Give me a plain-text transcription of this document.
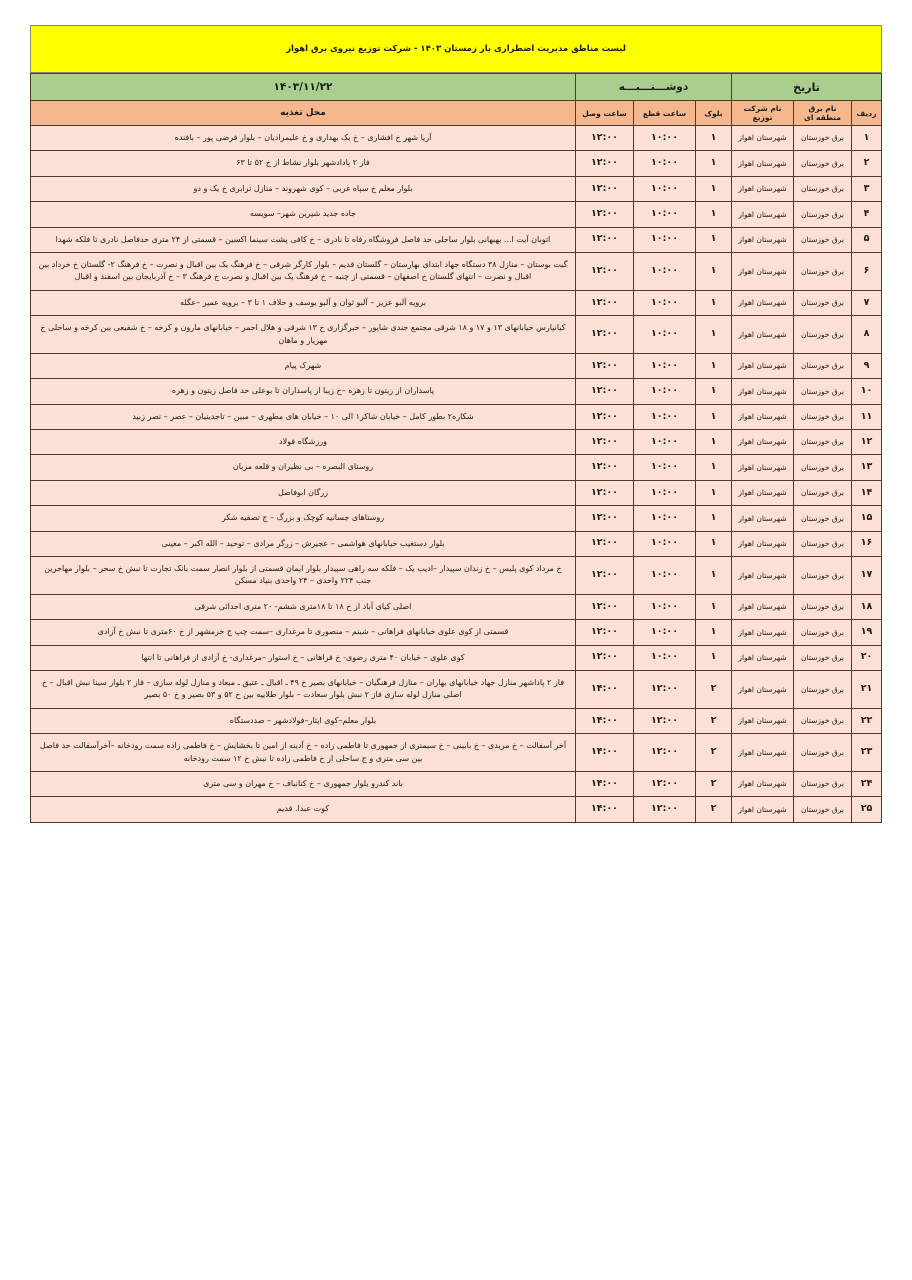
لیست مناطق مدیریت اضطراری بار زمستان ۱۴۰۳ - شرکت توزیع نیروی برق اهواز
تاریخ			دوشـــنـــبـــه			۱۴۰۳/۱۱/۲۲
ردیف	نام برق منطقه ای	نام شرکت توزیع	بلوک	ساعت قطع	ساعت وصل	محل تغذیه
۱	برق خوزستان	شهرستان اهواز	۱	۱۰:۰۰	۱۲:۰۰	آریا شهر خ افشاری – خ یک بهداری و خ علیمرادیان – بلوار فرضی پور – بافنده
۲	برق خوزستان	شهرستان اهواز	۱	۱۰:۰۰	۱۲:۰۰	فاز ۲ پادادشهر بلوار نشاط از خ ۵۲ تا ۶۳
۳	برق خوزستان	شهرستان اهواز	۱	۱۰:۰۰	۱۲:۰۰	بلوار معلم خ سپاه غربی – کوی شهروند – منازل ترابری خ یک و دو
۴	برق خوزستان	شهرستان اهواز	۱	۱۰:۰۰	۱۲:۰۰	جاده جدید شیرین شهر– سویسه
۵	برق خوزستان	شهرستان اهواز	۱	۱۰:۰۰	۱۲:۰۰	اتوبان آیت ا... بهبهانی بلوار ساحلی حد فاصل فروشگاه رفاه تا نادری – خ کافی پشت سینما اکسین – قسمتی از ۲۴ متری حدفاصل نادری تا فلکه شهدا
۶	برق خوزستان	شهرستان اهواز	۱	۱۰:۰۰	۱۲:۰۰	گیت بوستان – منازل ۳۸ دستگاه جهاد ابتدای بهارستان – گلستان قدیم – بلوار کارگر شرقی – خ فرهنگ یک بین اقبال و نصرت – خ فرهنگ ۲- گلستان خ خرداد بین اقبال و نصرت – انتهای گلستان خ اصفهان – قسمتی از چنبه – خ فرهنگ یک بین اقبال و نصرت خ فرهنگ ۳ – خ آذربایجان بین اسفند و اقبال
۷	برق خوزستان	شهرستان اهواز	۱	۱۰:۰۰	۱۲:۰۰	برویه آلبو عزیز – آلبو ثوان و آلبو یوسف و حلاف ۱ تا ۳ – برویه عمیر –عگله
۸	برق خوزستان	شهرستان اهواز	۱	۱۰:۰۰	۱۲:۰۰	کیانپارس خیابانهای ۱۳ و ۱۷ و ۱۸ شرقی مجتمع جندی شاپور – خبرگزاری خ ۱۳ شرقی و هلال احمر – خیابانهای مارون و کرخه – خ شفیعی بین کرخه و ساحلی خ مهزیار و ماهان
۹	برق خوزستان	شهرستان اهواز	۱	۱۰:۰۰	۱۲:۰۰	شهرک پیام
۱۰	برق خوزستان	شهرستان اهواز	۱	۱۰:۰۰	۱۲:۰۰	پاسداران از زیتون تا زهره –خ زیبا از پاسداران تا بوعلی حد فاصل زیتون و زهره
۱۱	برق خوزستان	شهرستان اهواز	۱	۱۰:۰۰	۱۲:۰۰	شکاره۲ بطور کامل – خیابان شاکر۱ الی ۱۰ – خیابان های مطهری – مبین – تاجدینیان – عصر – نصر زبید
۱۲	برق خوزستان	شهرستان اهواز	۱	۱۰:۰۰	۱۲:۰۰	ورزشگاه فولاد
۱۳	برق خوزستان	شهرستان اهواز	۱	۱۰:۰۰	۱۲:۰۰	روستای البصره – بی نظیران و قلعه مزبان
۱۴	برق خوزستان	شهرستان اهواز	۱	۱۰:۰۰	۱۲:۰۰	زرگان ابوفاضل
۱۵	برق خوزستان	شهرستان اهواز	۱	۱۰:۰۰	۱۲:۰۰	روستاهای جسانیه کوچک و بزرگ – ج تصفیه شکر
۱۶	برق خوزستان	شهرستان اهواز	۱	۱۰:۰۰	۱۲:۰۰	بلوار دستغیب خیابانهای هواشمی – عجیرش – زرگر مرادی – توحید – الله اکبر – معینی
۱۷	برق خوزستان	شهرستان اهواز	۱	۱۰:۰۰	۱۲:۰۰	خ مرداد کوی پلیس – خ زندان سپیدار –ادیب یک – فلکه سه راهی سپیدار بلوار ایمان قسمتی از بلوار انصار سمت بانک تجارت تا نبش خ سحر – بلوار مهاجرین جنب ۲۲۴ واحدی – ۲۴ واحدی بنیاد مسکن
۱۸	برق خوزستان	شهرستان اهواز	۱	۱۰:۰۰	۱۲:۰۰	اصلی کیای آباد از خ ۱۸ تا ۱۸متری ششم- ۲۰ متری احدائی شرقی
۱۹	برق خوزستان	شهرستان اهواز	۱	۱۰:۰۰	۱۲:۰۰	قسمتی از کوی علوی خیابانهای فراهانی – شبنم – منصوری تا مرغداری –سمت چپ ج خرمشهر از خ ۶۰متری تا نبش خ آزادی
۲۰	برق خوزستان	شهرستان اهواز	۱	۱۰:۰۰	۱۲:۰۰	کوی علوی – خیابان ۴۰ متری رضوی- خ فراهانی – خ استوار –مرغداری- خ آزادی از فراهانی تا انتها
۲۱	برق خوزستان	شهرستان اهواز	۲	۱۲:۰۰	۱۴:۰۰	فاز ۲ پاداشهر منازل جهاد خیابانهای بهاران – منازل فرهنگیان – خیابانهای بصیر خ ۴۹ ـ اقبال ـ عتیق ـ میعاد و منازل لوله سازی – فاز ۲ بلوار سینا نبش اقبال – خ اصلی منازل لوله سازی فاز ۲ نبش بلوار سعادت – بلوار طلاییه بین خ ۵۲ و ۵۳ بصیر و خ ۵۰ بصیر
۲۲	برق خوزستان	شهرستان اهواز	۲	۱۲:۰۰	۱۴:۰۰	بلوار معلم–کوی ایثار–فولادشهر – صددستگاه
۲۳	برق خوزستان	شهرستان اهواز	۲	۱۲:۰۰	۱۴:۰۰	آخر آسفالت – خ مریدی – خ بابینی – خ سیمتری از جمهوری تا فاطمی زاده – خ آدینه از امین تا بخشایش – خ فاطمی زاده سمت رودخانه –آخرآسفالت حد فاصل بین سی متری و ج ساحلی از خ فاطمی زاده تا نبش خ ۱۲ سمت رودخانه
۲۴	برق خوزستان	شهرستان اهواز	۲	۱۲:۰۰	۱۴:۰۰	باند کندرو بلوار جمهوری – خ کتانباف – خ مهران و سی متری
۲۵	برق خوزستان	شهرستان اهواز	۲	۱۲:۰۰	۱۴:۰۰	کوت عبدا. قدیم
